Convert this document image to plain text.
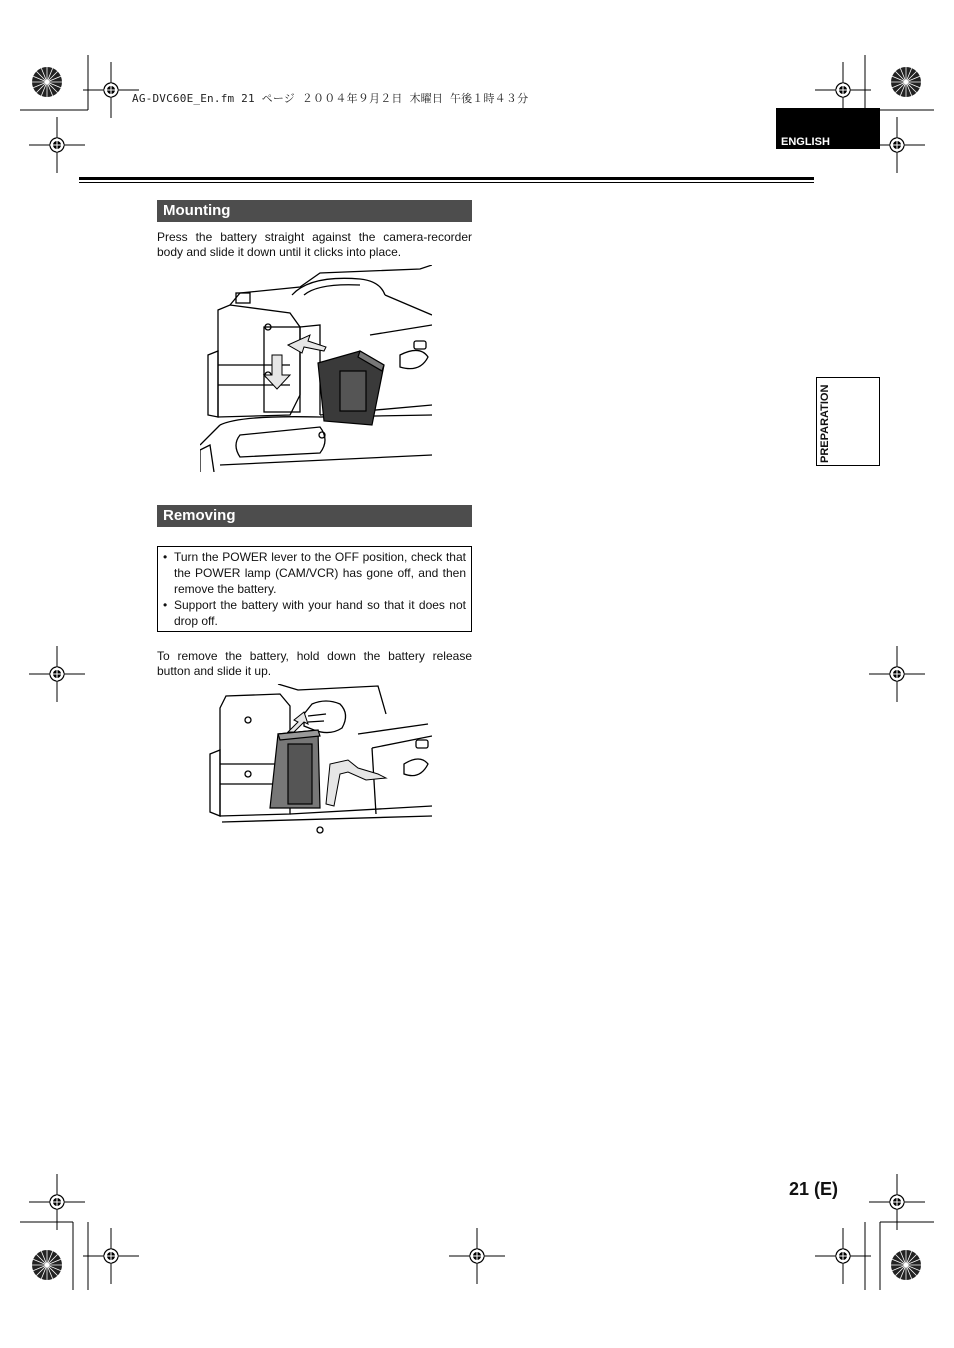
AG-DVC60E_En.fm 21 ページ ２００４年９月２日 木曜日 午後１時４３分
ENGLISH
Mounting
Press the battery straight against the camera-recorder body and slide it down until it clicks into place.
Removing
• Turn the POWER lever to the OFF position, check that the POWER lamp (CAM/VCR) has gone off, and then remove the battery.
• Support the battery with your hand so that it does not drop off.
To remove the battery, hold down the battery release button and slide it up.
PREPARATION
21 (E)
